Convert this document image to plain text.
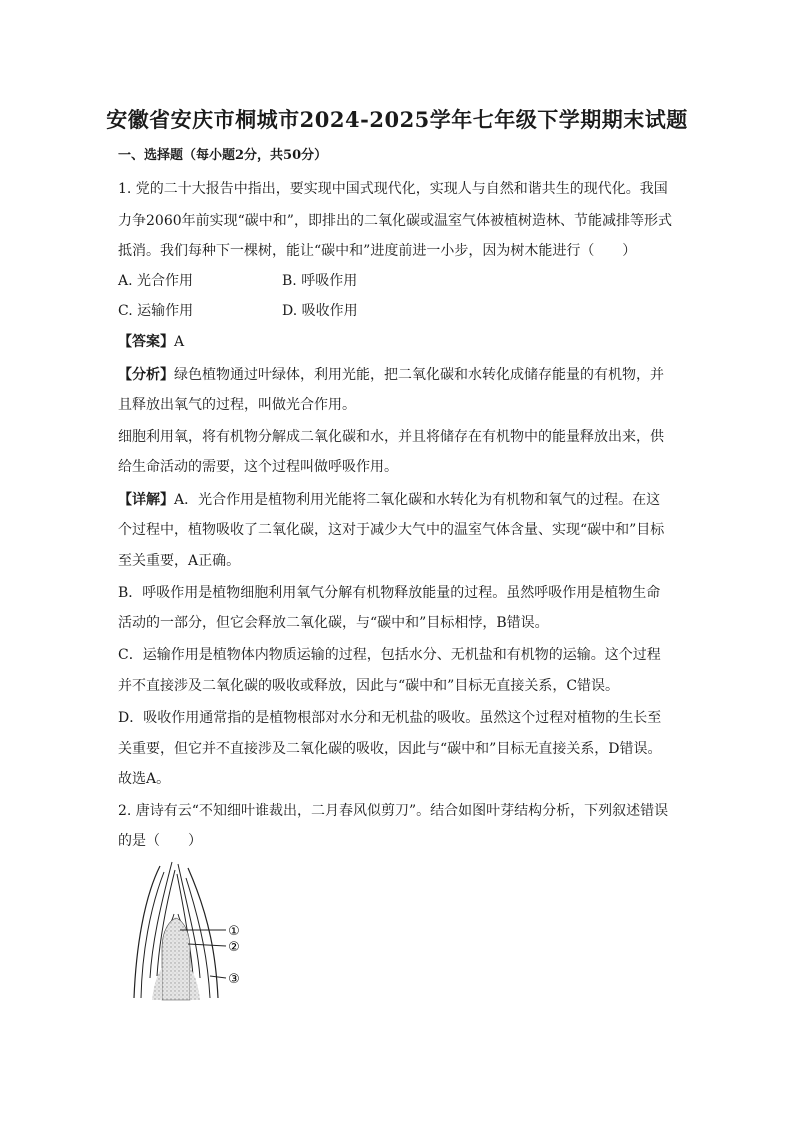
安徽省安庆市桐城市2024-2025学年七年级下学期期末试题
一、选择题（每小题2分，共50分）
1. 党的二十大报告中指出，要实现中国式现代化，实现人与自然和谐共生的现代化。我国
力争2060年前实现“碳中和”，即排出的二氧化碳或温室气体被植树造林、节能减排等形式
抵消。我们每种下一棵树，能让“碳中和”进度前进一小步，因为树木能进行（　　）
A. 光合作用	B. 呼吸作用
C. 运输作用	D. 吸收作用
【答案】A
【分析】绿色植物通过叶绿体，利用光能，把二氧化碳和水转化成储存能量的有机物，并
且释放出氧气的过程，叫做光合作用。
细胞利用氧，将有机物分解成二氧化碳和水，并且将储存在有机物中的能量释放出来，供
给生命活动的需要，这个过程叫做呼吸作用。
【详解】A．光合作用是植物利用光能将二氧化碳和水转化为有机物和氧气的过程。在这
个过程中，植物吸收了二氧化碳，这对于减少大气中的温室气体含量、实现“碳中和”目标
至关重要，A正确。
B．呼吸作用是植物细胞利用氧气分解有机物释放能量的过程。虽然呼吸作用是植物生命
活动的一部分，但它会释放二氧化碳，与“碳中和”目标相悖，B错误。
C．运输作用是植物体内物质运输的过程，包括水分、无机盐和有机物的运输。这个过程
并不直接涉及二氧化碳的吸收或释放，因此与“碳中和”目标无直接关系，C错误。
D．吸收作用通常指的是植物根部对水分和无机盐的吸收。虽然这个过程对植物的生长至
关重要，但它并不直接涉及二氧化碳的吸收，因此与“碳中和”目标无直接关系，D错误。
故选A。
2. 唐诗有云“不知细叶谁裁出，二月春风似剪刀”。结合如图叶芽结构分析，下列叙述错误
的是（　　）
①
②
③
